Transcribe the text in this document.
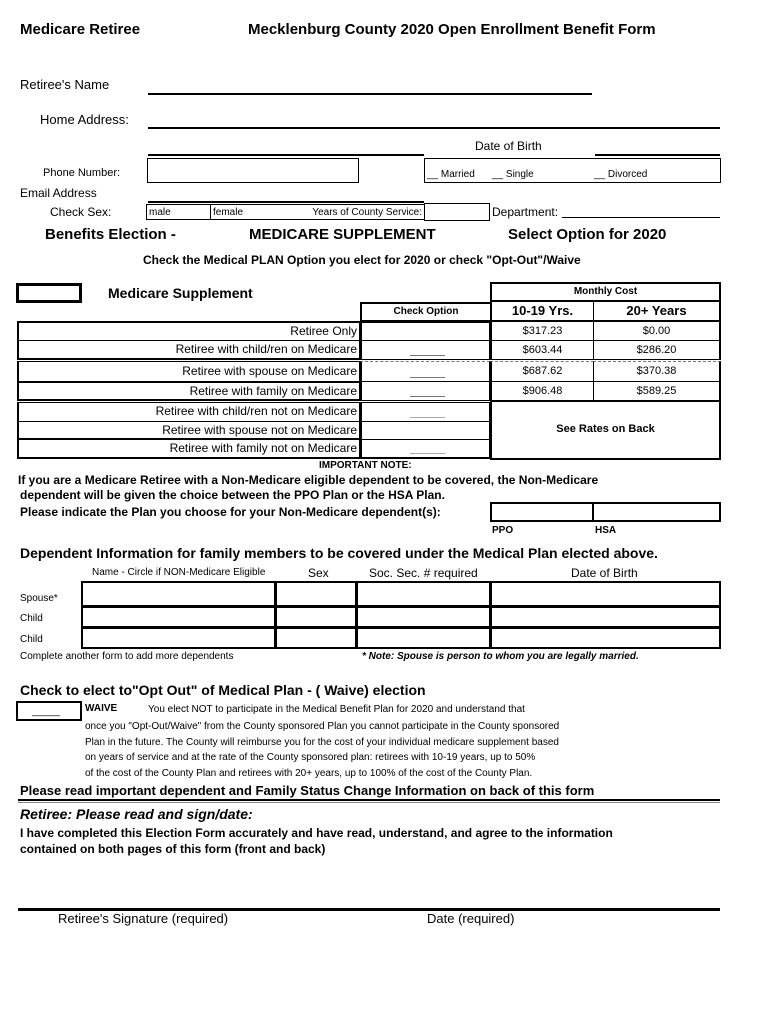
Medicare Retiree	Mecklenburg County 2020 Open Enrollment Benefit Form
Retiree's Name
Home Address:
Date of Birth
Phone Number:	__ Married __ Single	__ Divorced
Email Address
Check Sex:	male	female	Years of County Service:	Department:
Benefits Election -	MEDICARE SUPPLEMENT	Select Option for 2020
Check the Medical PLAN Option you elect for 2020 or check "Opt-Out"/Waive
Medicare Supplement	Monthly Cost
Check Option	10-19 Yrs.	20+ Years
Retiree Only	$317.23	$0.00
Retiree with child/ren on Medicare	$603.44	$286.20
Retiree with spouse on Medicare	$687.62	$370.38
Retiree with family on Medicare	$906.48	$589.25
Retiree with child/ren not on Medicare
Retiree with spouse not on Medicare
Retiree with family not on Medicare
See Rates on Back
IMPORTANT NOTE:
If you are a Medicare Retiree with a Non-Medicare eligible dependent to be covered, the Non-Medicare
dependent will be given the choice between the PPO Plan or the HSA Plan.
Please indicate the Plan you choose for your Non-Medicare dependent(s):
PPO	HSA
Dependent Information for family members to be covered under the Medical Plan elected above.
Name - Circle if NON-Medicare Eligible	Sex	Soc. Sec. # required	Date of Birth
Spouse*
Child
Child
Complete another form to add more dependents	* Note: Spouse is person to whom you are legally married.
Check to elect to"Opt Out" of Medical Plan - ( Waive) election
_____	WAIVE	You elect NOT to participate in the Medical Benefit Plan for 2020 and understand that
once you "Opt-Out/Waive" from the County sponsored Plan you cannot participate in the County sponsored
Plan in the future. The County will reimburse you for the cost of your individual medicare supplement based
on years of service and at the rate of the County sponsored plan: retirees with 10-19 years, up to 50%
of the cost of the County Plan and retirees with 20+ years, up to 100% of the cost of the County Plan.
Please read important dependent and Family Status Change Information on back of this form
Retiree: Please read and sign/date:
I have completed this Election Form accurately and have read, understand, and agree to the information
contained on both pages of this form (front and back)
Retiree's Signature (required)	Date (required)
